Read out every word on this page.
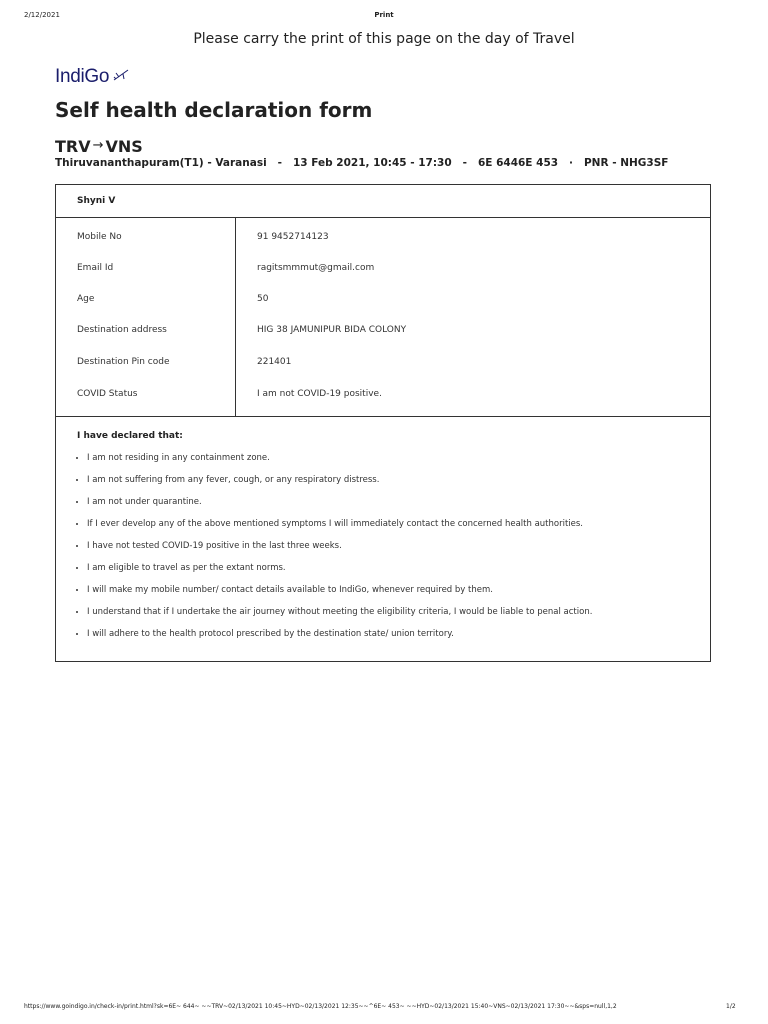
2/12/2021	Print
Please carry the print of this page on the day of Travel
IndiGo
Self health declaration form
TRV → VNS
Thiruvananthapuram(T1) - Varanasi   -   13 Feb 2021, 10:45 - 17:30   -   6E 6446E 453   ·   PNR - NHG3SF
Shyni V
Mobile No	91 9452714123
Email Id	ragitsmmmut@gmail.com
Age	50
Destination address	HIG 38 JAMUNIPUR BIDA COLONY
Destination Pin code	221401
COVID Status	I am not COVID-19 positive.
I have declared that:
• I am not residing in any containment zone.
• I am not suffering from any fever, cough, or any respiratory distress.
• I am not under quarantine.
• If I ever develop any of the above mentioned symptoms I will immediately contact the concerned health authorities.
• I have not tested COVID-19 positive in the last three weeks.
• I am eligible to travel as per the extant norms.
• I will make my mobile number/ contact details available to IndiGo, whenever required by them.
• I understand that if I undertake the air journey without meeting the eligibility criteria, I would be liable to penal action.
• I will adhere to the health protocol prescribed by the destination state/ union territory.
https://www.goindigo.in/check-in/print.html?sk=6E~ 644~ ~~TRV~02/13/2021 10:45~HYD~02/13/2021 12:35~~^6E~ 453~ ~~HYD~02/13/2021 15:40~VNS~02/13/2021 17:30~~&sps=null,1,2	1/2
